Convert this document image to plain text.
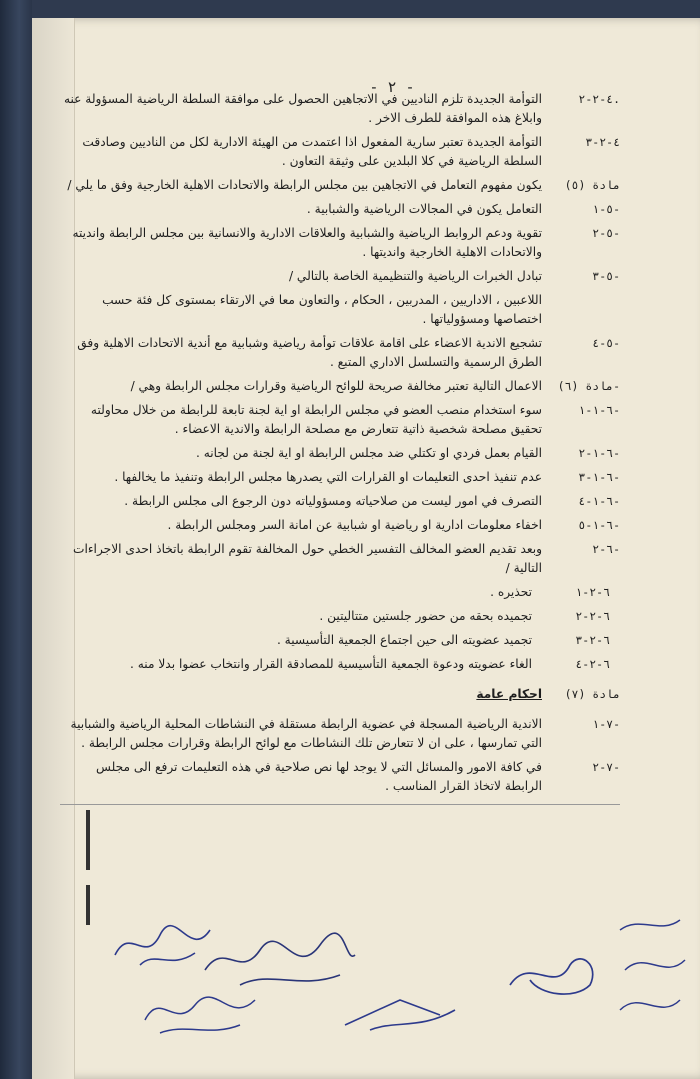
- ٢ -
٤-٢-٢.
التوأمة الجديدة تلزم الناديين في الاتجاهين الحصول على موافقة السلطة الرياضية المسؤولة عنه وابلاغ هذه الموافقة للطرف الاخر .
٤-٢-٣
التوأمة الجديدة تعتبر سارية المفعول اذا اعتمدت من الهيئة الادارية لكل من الناديين وصادقت السلطة الرياضية في كلا البلدين على وثيقة التعاون .
مادة (٥)
يكون مفهوم التعامل في الاتجاهين بين مجلس الرابطة والاتحادات الاهلية الخارجية وفق ما يلي /
٥-١-
التعامل يكون في المجالات الرياضية والشبابية .
٥-٢-
تقوية ودعم الروابط الرياضية والشبابية والعلاقات الادارية والانسانية بين مجلس الرابطة وانديته والاتحادات الاهلية الخارجية وانديتها .
٥-٣-
تبادل الخبرات الرياضية والتنظيمية الخاصة بالتالي /
اللاعبين ، الاداريين ، المدربين ، الحكام ، والتعاون معا في الارتقاء بمستوى كل فئة حسب اختصاصها ومسؤولياتها .
٥-٤-
تشجيع الاندية الاعضاء على اقامة علاقات توأمة رياضية وشبابية مع أندية الاتحادات الاهلية وفق الطرق الرسمية والتسلسل الاداري المتبع .
مادة (٦)-
الاعمال التالية تعتبر مخالفة صريحة للوائح الرياضية وقرارات مجلس الرابطة وهي /
٦-١-١-
سوء استخدام منصب العضو في مجلس الرابطة او اية لجنة تابعة للرابطة من خلال محاولته تحقيق مصلحة شخصية ذاتية تتعارض مع مصلحة الرابطة والاندية الاعضاء .
٦-١-٢-
القيام بعمل فردي او تكتلي ضد مجلس الرابطة او اية لجنة من لجانه .
٦-١-٣-
عدم تنفيذ احدى التعليمات او القرارات التي يصدرها مجلس الرابطة وتنفيذ ما يخالفها .
٦-١-٤-
التصرف في امور ليست من صلاحياته ومسؤولياته دون الرجوع الى مجلس الرابطة .
٦-١-٥-
اخفاء معلومات ادارية او رياضية او شبابية عن امانة السر ومجلس الرابطة .
٦-٢-
وبعد تقديم العضو المخالف التفسير الخطي حول المخالفة تقوم الرابطة باتخاذ احدى الاجراءات التالية /
٦-٢-١
تحذيره .
٦-٢-٢
تجميده بحقه من حضور جلستين متتاليتين .
٦-٢-٣
تجميد عضويته الى حين اجتماع الجمعية التأسيسية .
٦-٢-٤
الغاء عضويته ودعوة الجمعية التأسيسية للمصادقة القرار وانتخاب عضوا بدلا منه .
مادة (٧)
احكام عامة
٧-١-
الاندية الرياضية المسجلة في عضوية الرابطة مستقلة في النشاطات المحلية الرياضية والشبابية التي تمارسها ، على ان لا تتعارض تلك النشاطات مع لوائح الرابطة وقرارات مجلس الرابطة .
٧-٢-
في كافة الامور والمسائل التي لا يوجد لها نص صلاحية في هذه التعليمات ترفع الى مجلس الرابطة لاتخاذ القرار المناسب .
